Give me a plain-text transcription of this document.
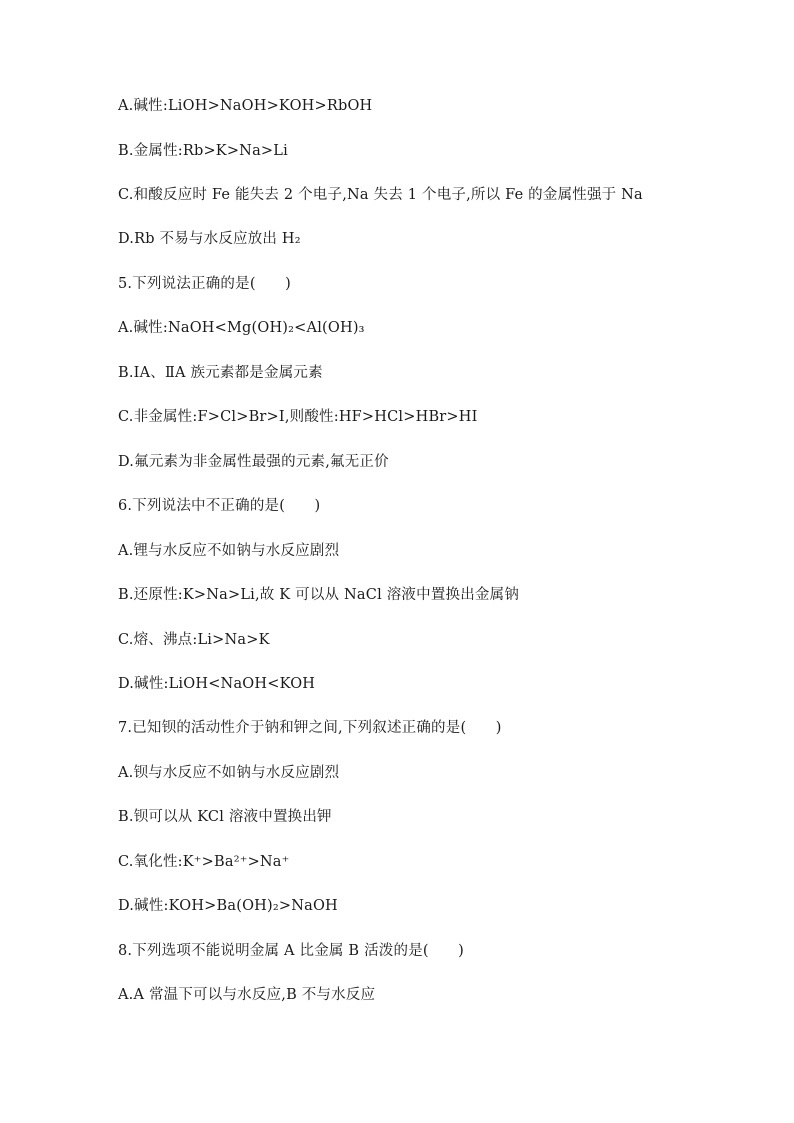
A.碱性:LiOH>NaOH>KOH>RbOH
B.金属性:Rb>K>Na>Li
C.和酸反应时 Fe 能失去 2 个电子,Na 失去 1 个电子,所以 Fe 的金属性强于 Na
D.Rb 不易与水反应放出 H₂
5.下列说法正确的是(　　)
A.碱性:NaOH<Mg(OH)₂<Al(OH)₃
B.ⅠA、ⅡA 族元素都是金属元素
C.非金属性:F>Cl>Br>I,则酸性:HF>HCl>HBr>HI
D.氟元素为非金属性最强的元素,氟无正价
6.下列说法中不正确的是(　　)
A.锂与水反应不如钠与水反应剧烈
B.还原性:K>Na>Li,故 K 可以从 NaCl 溶液中置换出金属钠
C.熔、沸点:Li>Na>K
D.碱性:LiOH<NaOH<KOH
7.已知钡的活动性介于钠和钾之间,下列叙述正确的是(　　)
A.钡与水反应不如钠与水反应剧烈
B.钡可以从 KCl 溶液中置换出钾
C.氧化性:K⁺>Ba²⁺>Na⁺
D.碱性:KOH>Ba(OH)₂>NaOH
8.下列选项不能说明金属 A 比金属 B 活泼的是(　　)
A.A 常温下可以与水反应,B 不与水反应
